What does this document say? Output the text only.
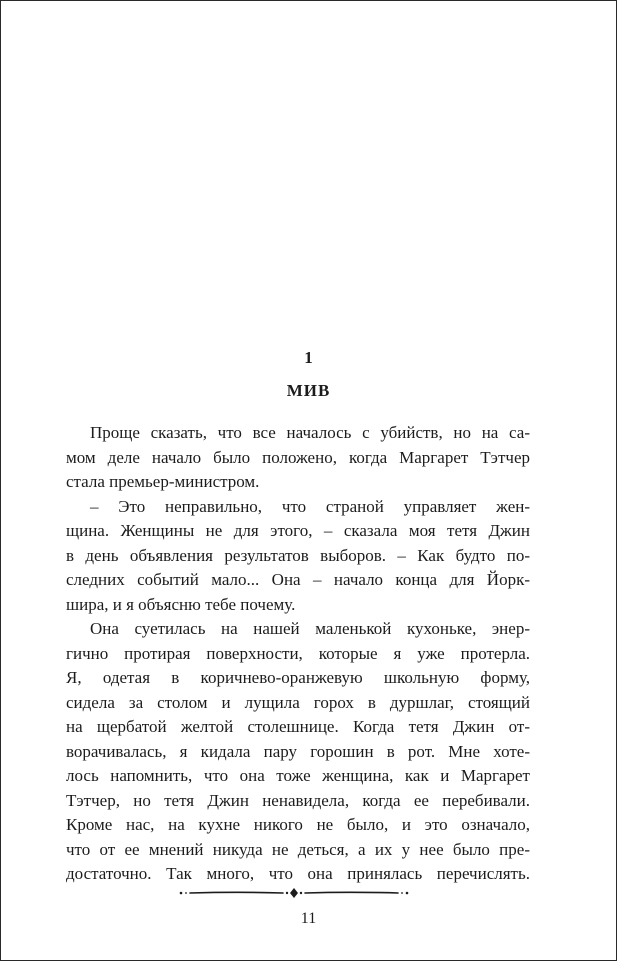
1
МИВ
Проще сказать, что все началось с убийств, но на са-
мом деле начало было положено, когда Маргарет Тэтчер
стала премьер-министром.
– Это неправильно, что страной управляет жен-
щина. Женщины не для этого, – сказала моя тетя Джин
в день объявления результатов выборов. – Как будто по-
следних событий мало... Она – начало конца для Йорк-
шира, и я объясню тебе почему.
Она суетилась на нашей маленькой кухоньке, энер-
гично протирая поверхности, которые я уже протерла.
Я, одетая в коричнево-оранжевую школьную форму,
сидела за столом и лущила горох в дуршлаг, стоящий
на щербатой желтой столешнице. Когда тетя Джин от-
ворачивалась, я кидала пару горошин в рот. Мне хотe-
лось напомнить, что она тоже женщина, как и Маргарет
Тэтчер, но тетя Джин ненавидела, когда ее перебивали.
Кроме нас, на кухне никого не было, и это означало,
что от ее мнений никуда не деться, а их у нее было пре-
достаточно. Так много, что она принялась перечислять.
11
